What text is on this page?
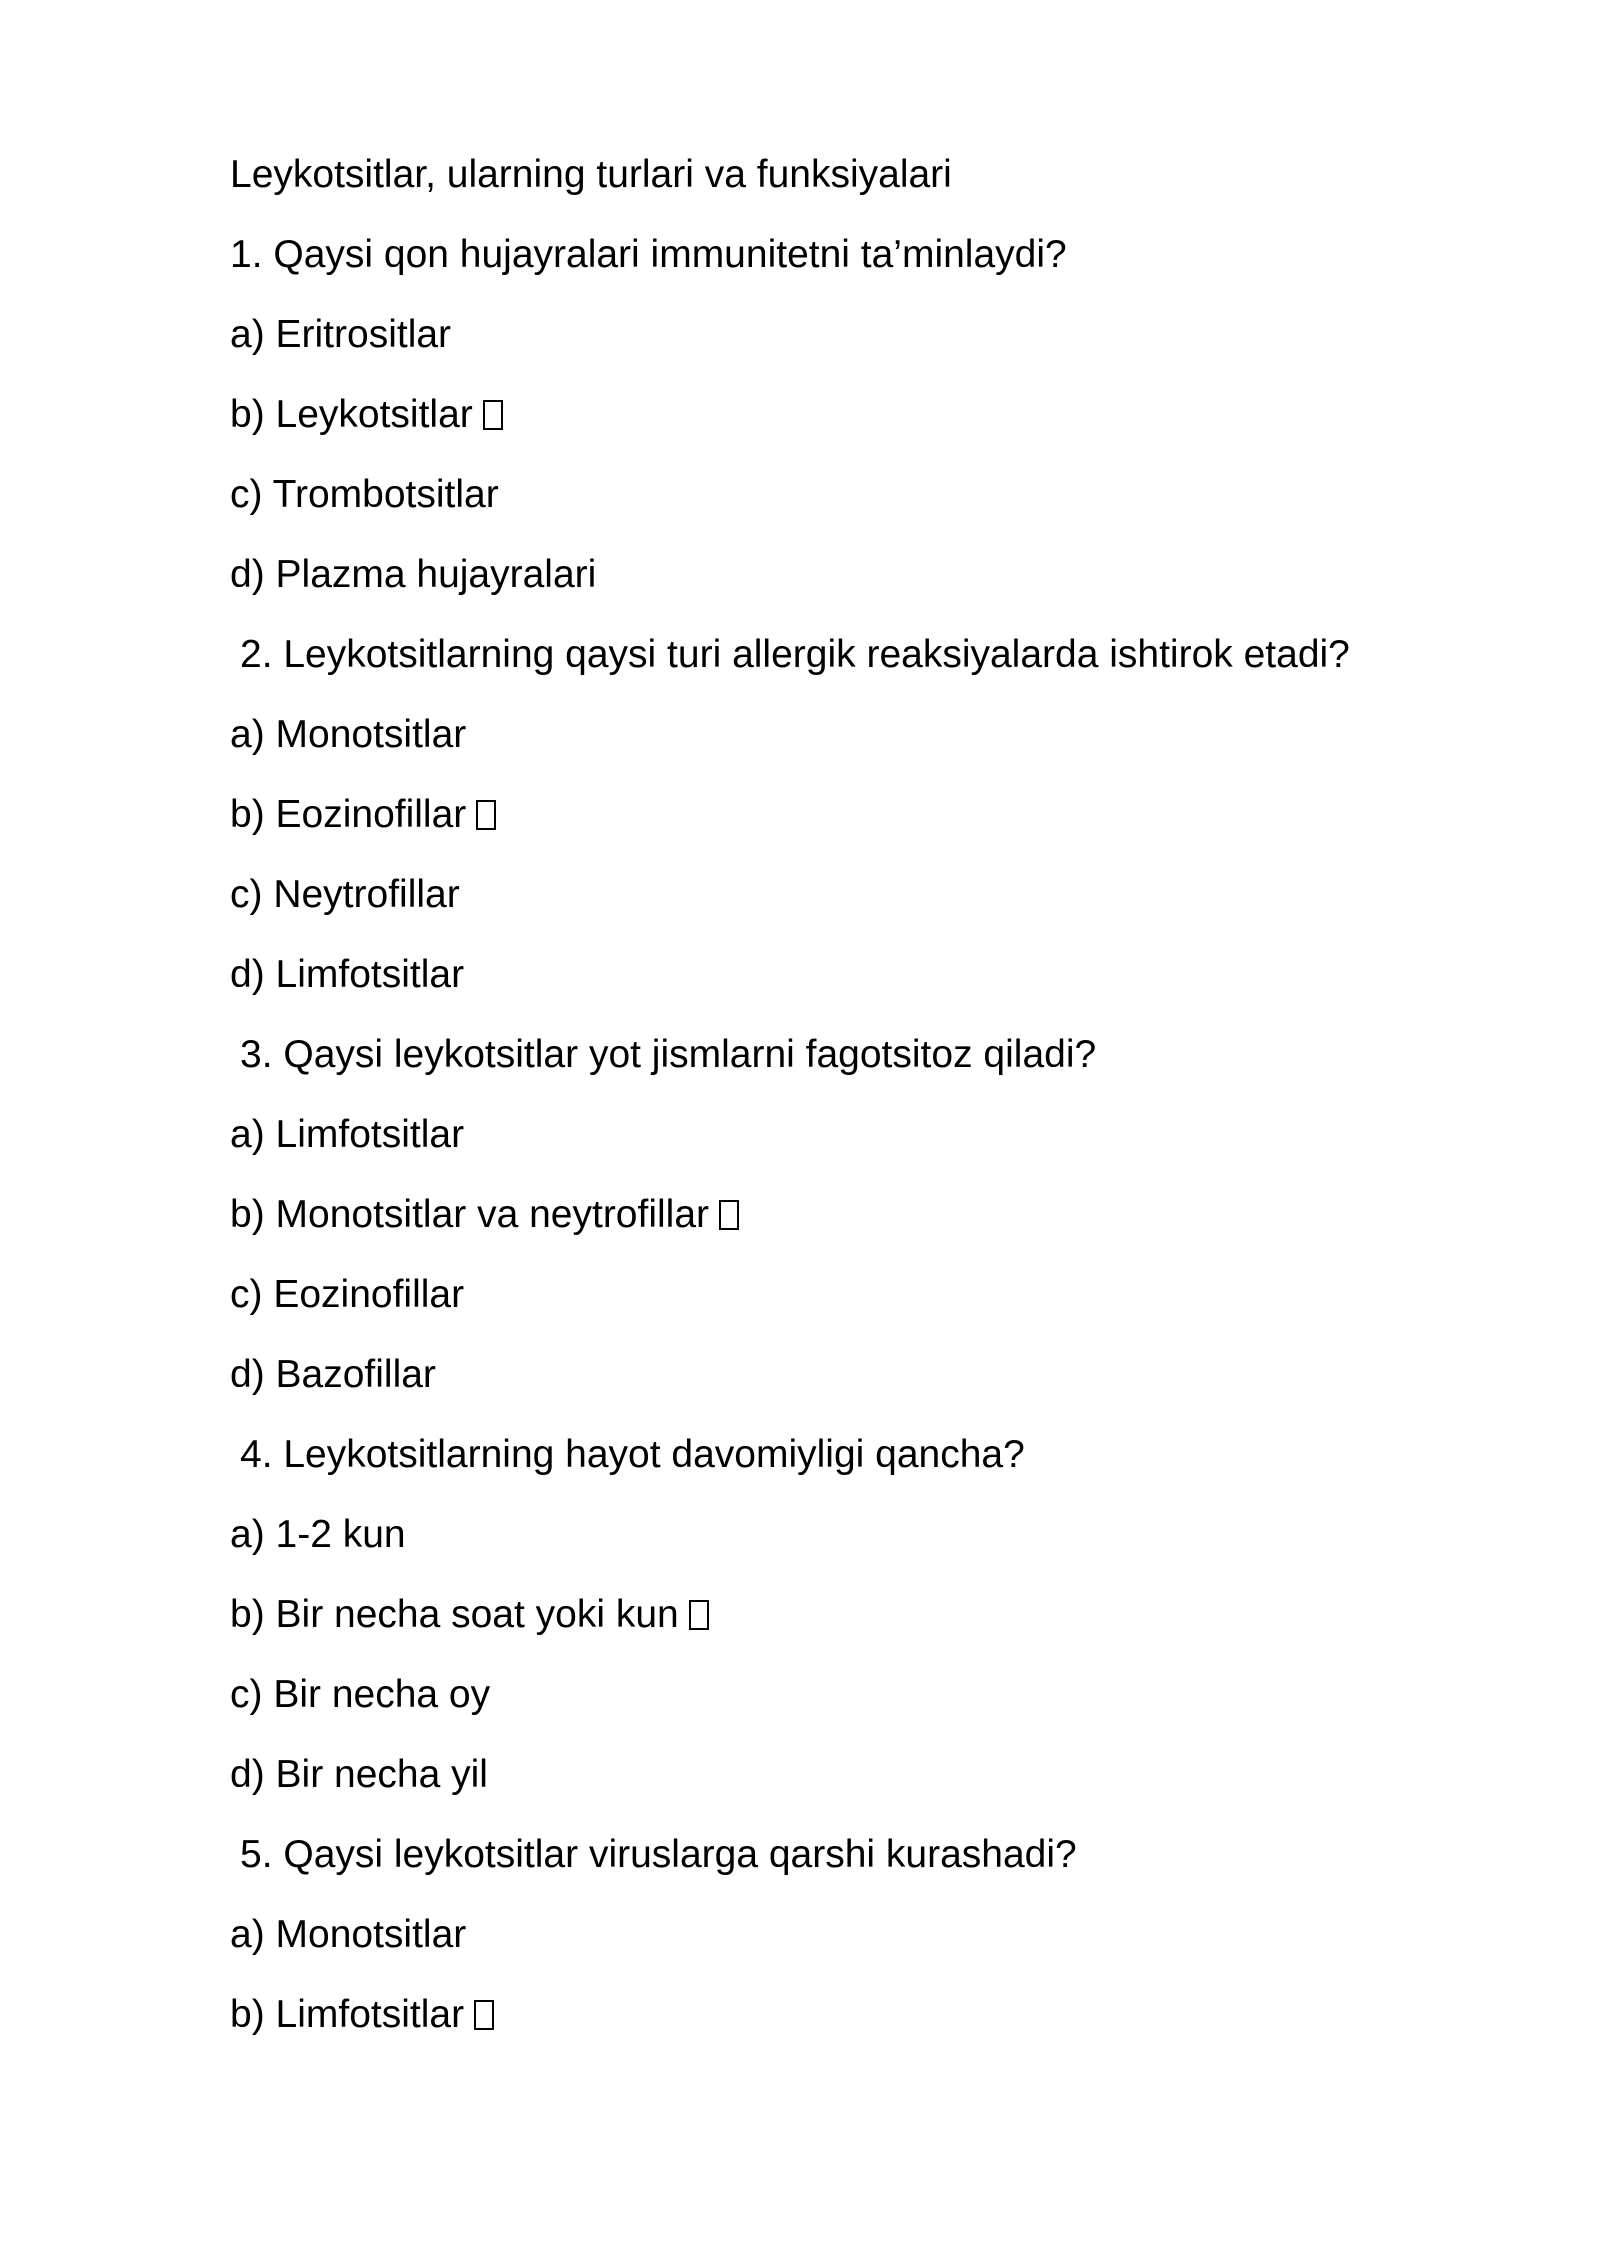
Leykotsitlar, ularning turlari va funksiyalari
1. Qaysi qon hujayralari immunitetni ta’minlaydi?
a) Eritrositlar
b) Leykotsitlar
c) Trombotsitlar
d) Plazma hujayralari
2. Leykotsitlarning qaysi turi allergik reaksiyalarda ishtirok etadi?
a) Monotsitlar
b) Eozinofillar
c) Neytrofillar
d) Limfotsitlar
3. Qaysi leykotsitlar yot jismlarni fagotsitoz qiladi?
a) Limfotsitlar
b) Monotsitlar va neytrofillar
c) Eozinofillar
d) Bazofillar
4. Leykotsitlarning hayot davomiyligi qancha?
a) 1-2 kun
b) Bir necha soat yoki kun
c) Bir necha oy
d) Bir necha yil
5. Qaysi leykotsitlar viruslarga qarshi kurashadi?
a) Monotsitlar
b) Limfotsitlar
